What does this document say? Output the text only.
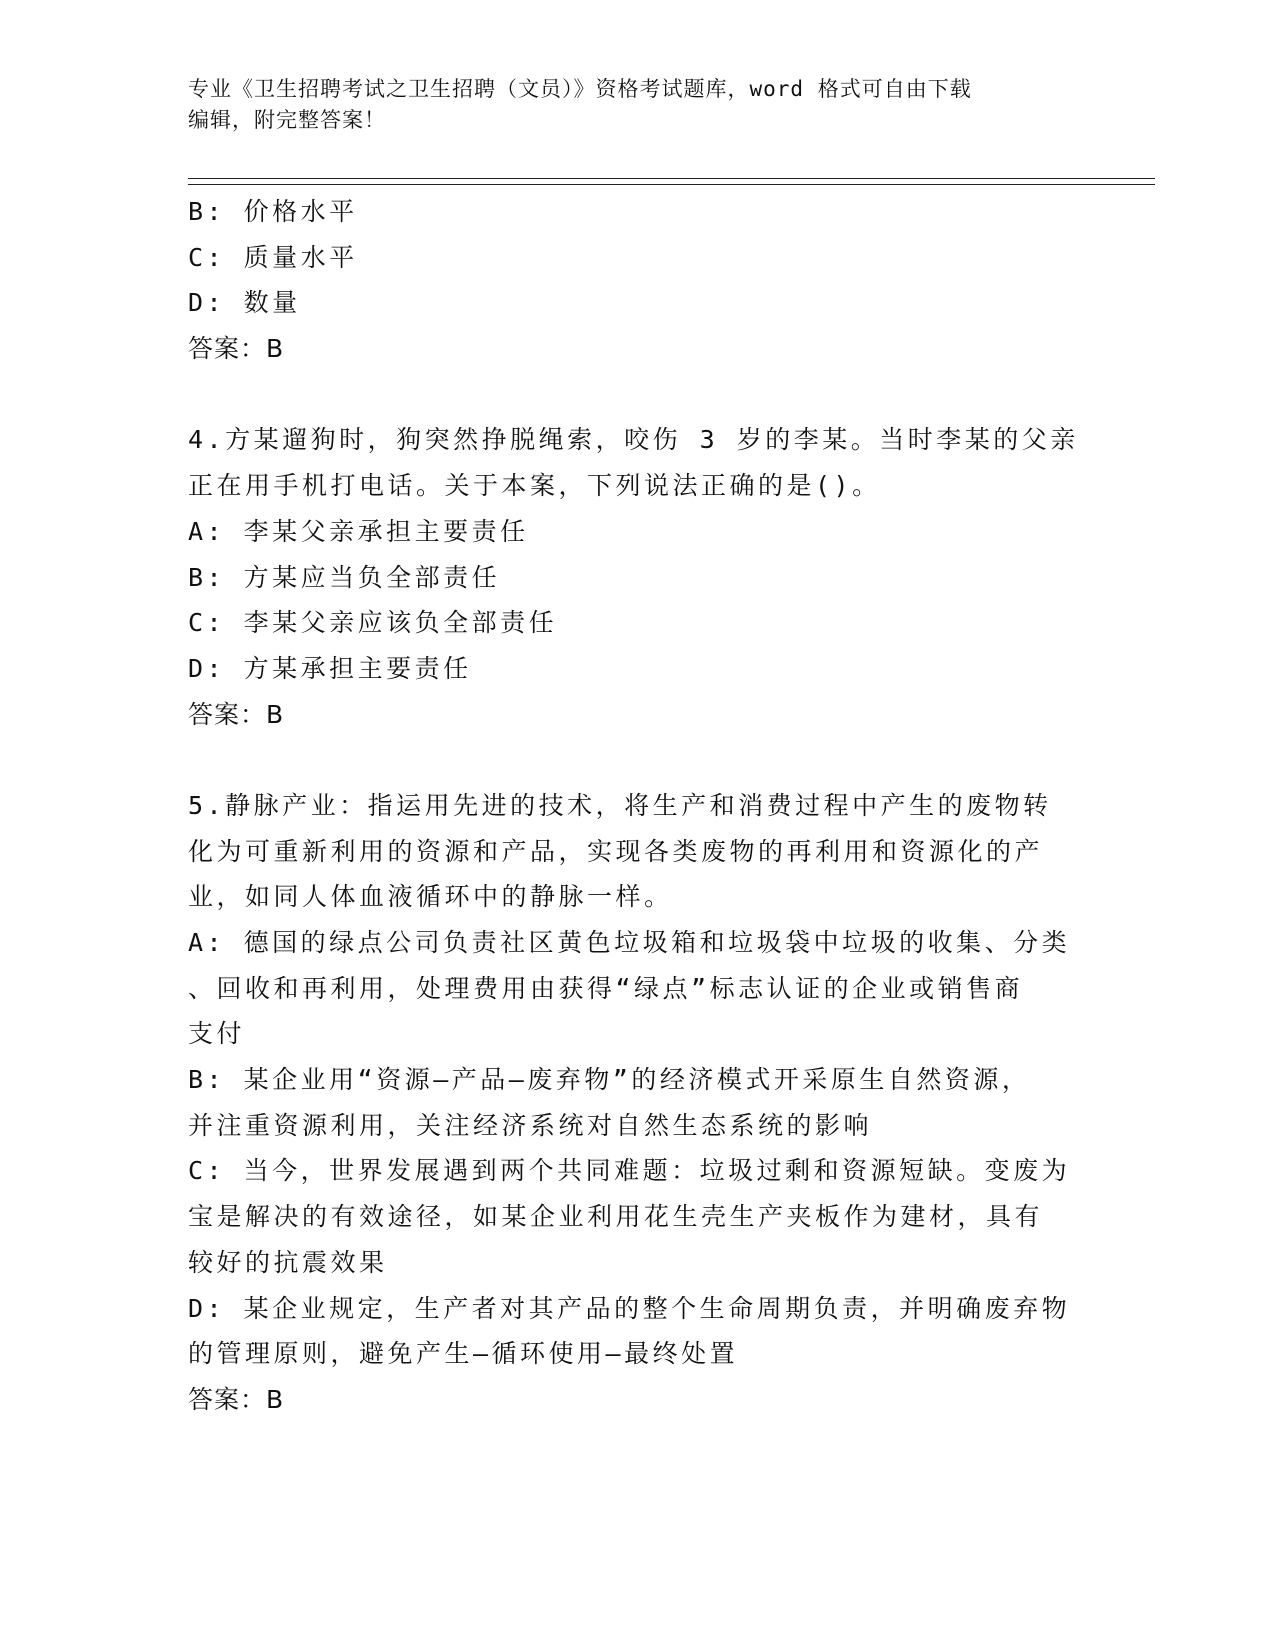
专业《卫生招聘考试之卫生招聘（文员）》资格考试题库，word 格式可自由下载
编辑，附完整答案！
B: 价格水平
C: 质量水平
D: 数量
答案：B
4.方某遛狗时，狗突然挣脱绳索，咬伤 3 岁的李某。当时李某的父亲
正在用手机打电话。关于本案，下列说法正确的是()。
A: 李某父亲承担主要责任
B: 方某应当负全部责任
C: 李某父亲应该负全部责任
D: 方某承担主要责任
答案：B
5.静脉产业：指运用先进的技术，将生产和消费过程中产生的废物转
化为可重新利用的资源和产品，实现各类废物的再利用和资源化的产
业，如同人体血液循环中的静脉一样。
A: 德国的绿点公司负责社区黄色垃圾箱和垃圾袋中垃圾的收集、分类
、回收和再利用，处理费用由获得“绿点”标志认证的企业或销售商
支付
B: 某企业用“资源—产品—废弃物”的经济模式开采原生自然资源，
并注重资源利用，关注经济系统对自然生态系统的影响
C: 当今，世界发展遇到两个共同难题：垃圾过剩和资源短缺。变废为
宝是解决的有效途径，如某企业利用花生壳生产夹板作为建材，具有
较好的抗震效果
D: 某企业规定，生产者对其产品的整个生命周期负责，并明确废弃物
的管理原则，避免产生—循环使用—最终处置
答案：B
